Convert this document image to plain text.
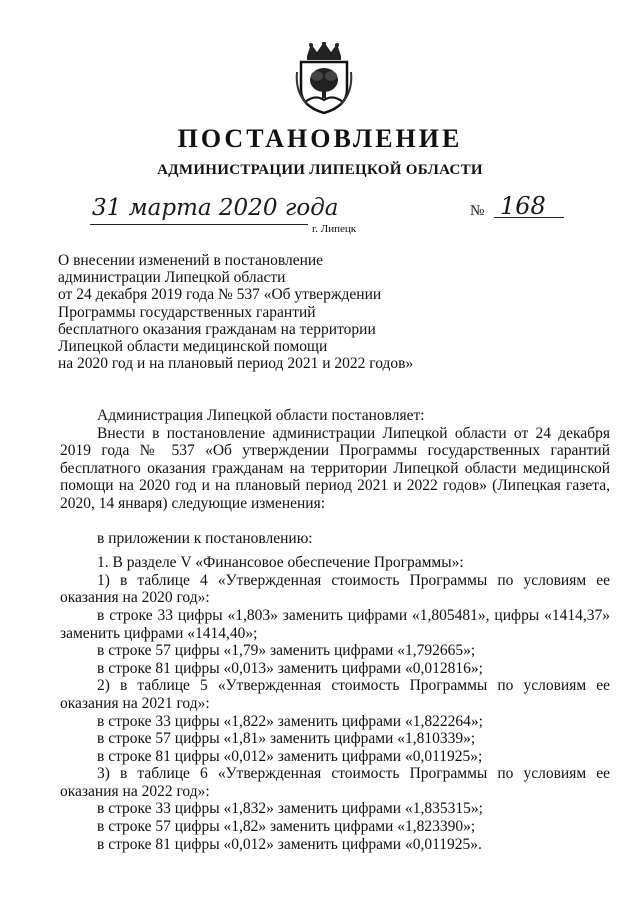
ПОСТАНОВЛЕНИЕ
АДМИНИСТРАЦИИ ЛИПЕЦКОЙ ОБЛАСТИ
31 марта 2020 года
г. Липецк
№ 168
О внесении изменений в постановление
администрации Липецкой области
от 24 декабря 2019 года № 537 «Об утверждении
Программы государственных гарантий
бесплатного оказания гражданам на территории
Липецкой области медицинской помощи
на 2020 год и на плановый период 2021 и 2022 годов»

Администрация Липецкой области постановляет:

Внести в постановление администрации Липецкой области от 24 декабря 2019 года № 537 «Об утверждении Программы государственных гарантий бесплатного оказания гражданам на территории Липецкой области медицинской помощи на 2020 год и на плановый период 2021 и 2022 годов» (Липецкая газета, 2020, 14 января) следующие изменения:

в приложении к постановлению:

1. В разделе V «Финансовое обеспечение Программы»:

1) в таблице 4 «Утвержденная стоимость Программы по условиям ее оказания на 2020 год»:

в строке 33 цифры «1,803» заменить цифрами «1,805481», цифры «1414,37» заменить цифрами «1414,40»;

в строке 57 цифры «1,79» заменить цифрами «1,792665»;

в строке 81 цифры «0,013» заменить цифрами «0,012816»;

2) в таблице 5 «Утвержденная стоимость Программы по условиям ее оказания на 2021 год»:

в строке 33 цифры «1,822» заменить цифрами «1,822264»;

в строке 57 цифры «1,81» заменить цифрами «1,810339»;

в строке 81 цифры «0,012» заменить цифрами «0,011925»;

3) в таблице 6 «Утвержденная стоимость Программы по условиям ее оказания на 2022 год»:

в строке 33 цифры «1,832» заменить цифрами «1,835315»;

в строке 57 цифры «1,82» заменить цифрами «1,823390»;

в строке 81 цифры «0,012» заменить цифрами «0,011925».
